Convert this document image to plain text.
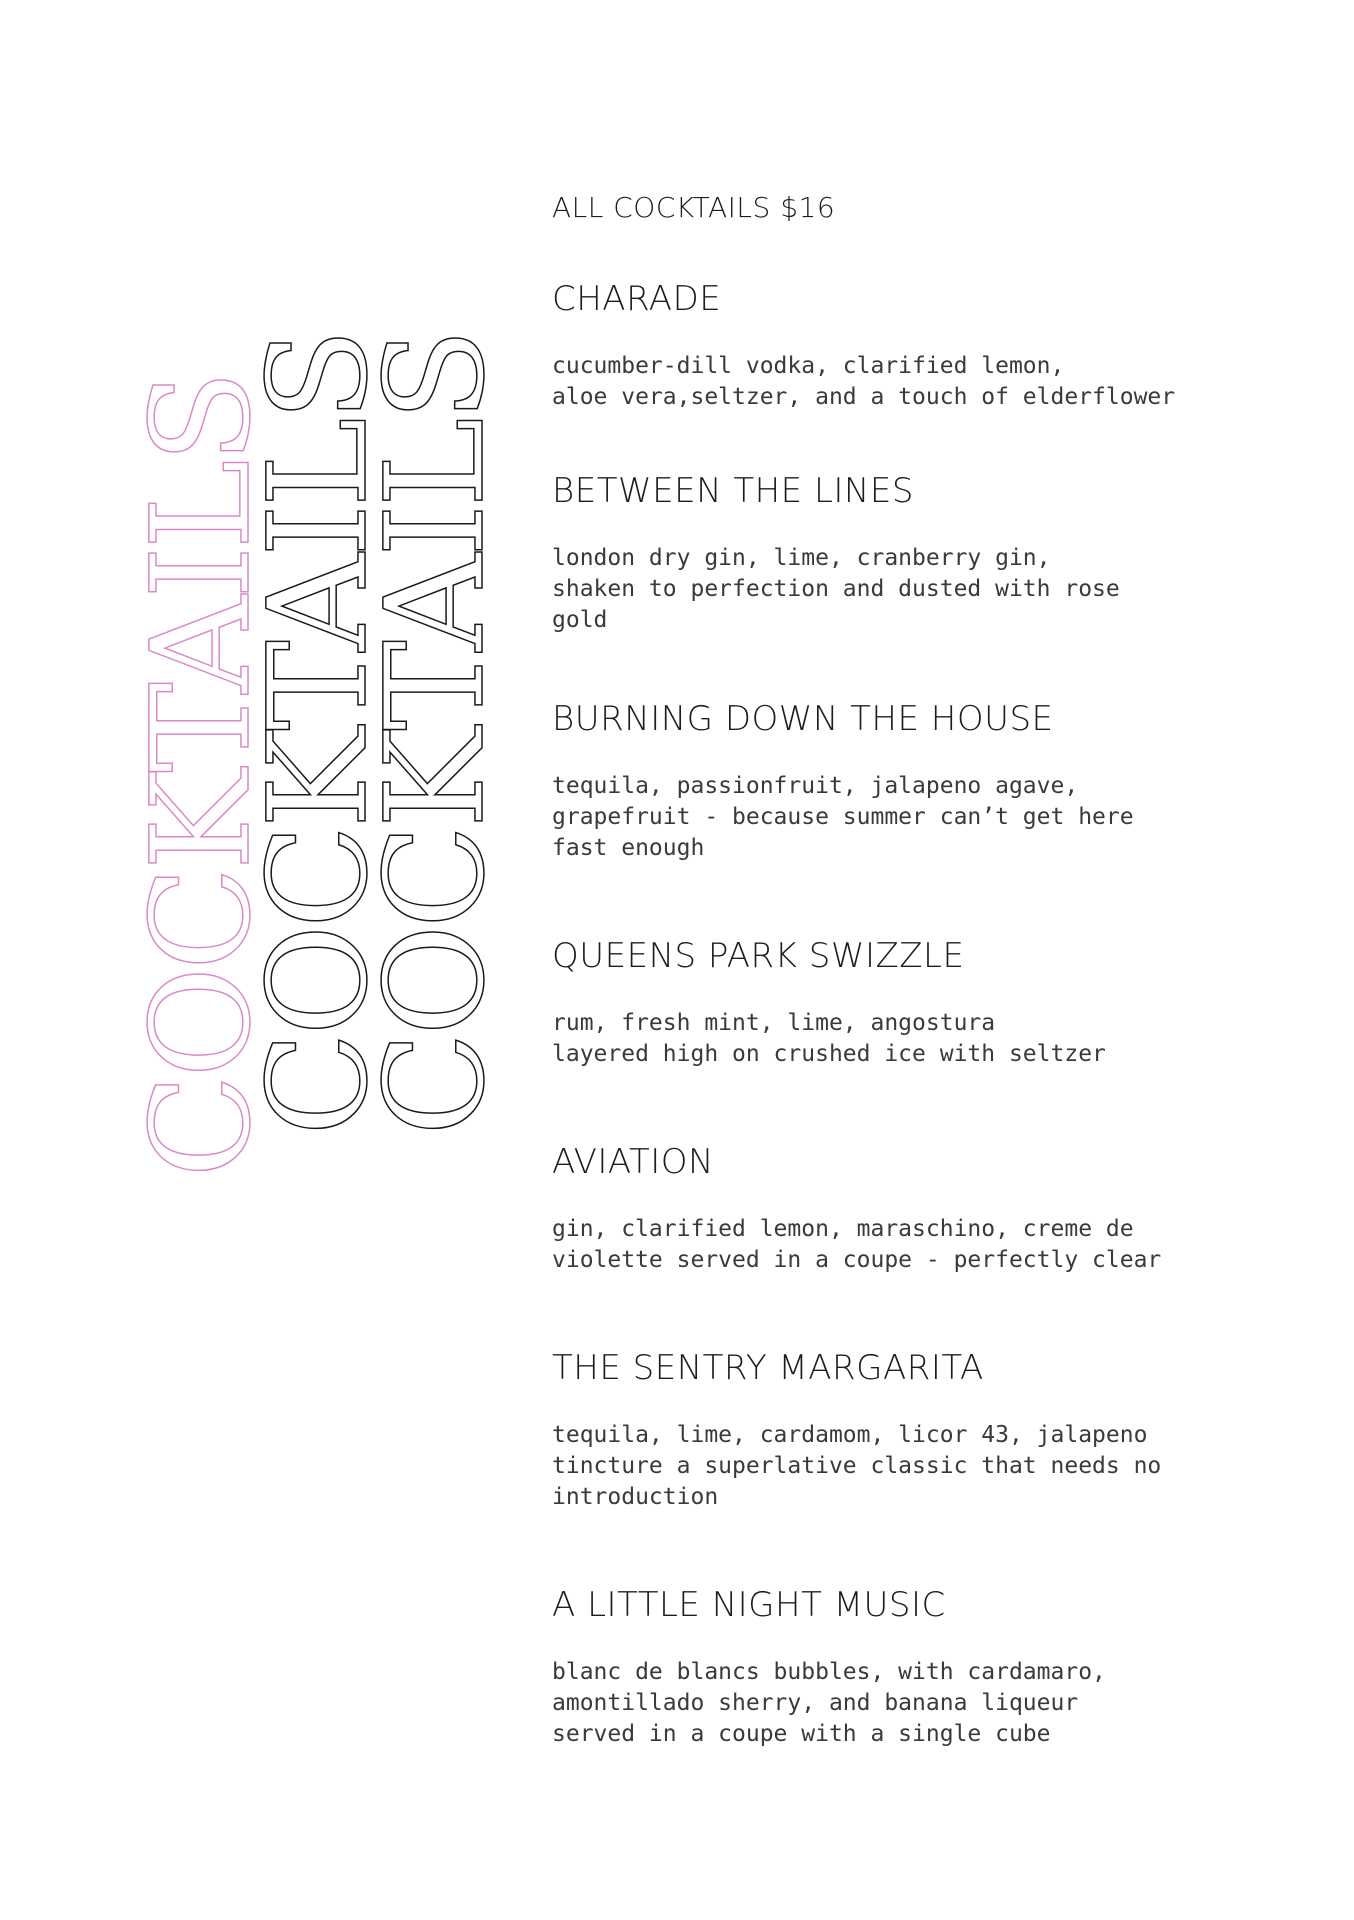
COCKTAILS
COCKTAILS
COCKTAILS

ALL COCKTAILS $16

CHARADE

cucumber-dill vodka, clarified lemon,
aloe vera,seltzer, and a touch of elderflower

BETWEEN THE LINES

london dry gin, lime, cranberry gin,
shaken to perfection and dusted with rose
gold

BURNING DOWN THE HOUSE

tequila, passionfruit, jalapeno agave,
grapefruit - because summer can’t get here
fast enough

QUEENS PARK SWIZZLE

rum, fresh mint, lime, angostura
layered high on crushed ice with seltzer

AVIATION

gin, clarified lemon, maraschino, creme de
violette served in a coupe - perfectly clear

THE SENTRY MARGARITA

tequila, lime, cardamom, licor 43, jalapeno
tincture a superlative classic that needs no
introduction

A LITTLE NIGHT MUSIC

blanc de blancs bubbles, with cardamaro,
amontillado sherry, and banana liqueur
served in a coupe with a single cube
